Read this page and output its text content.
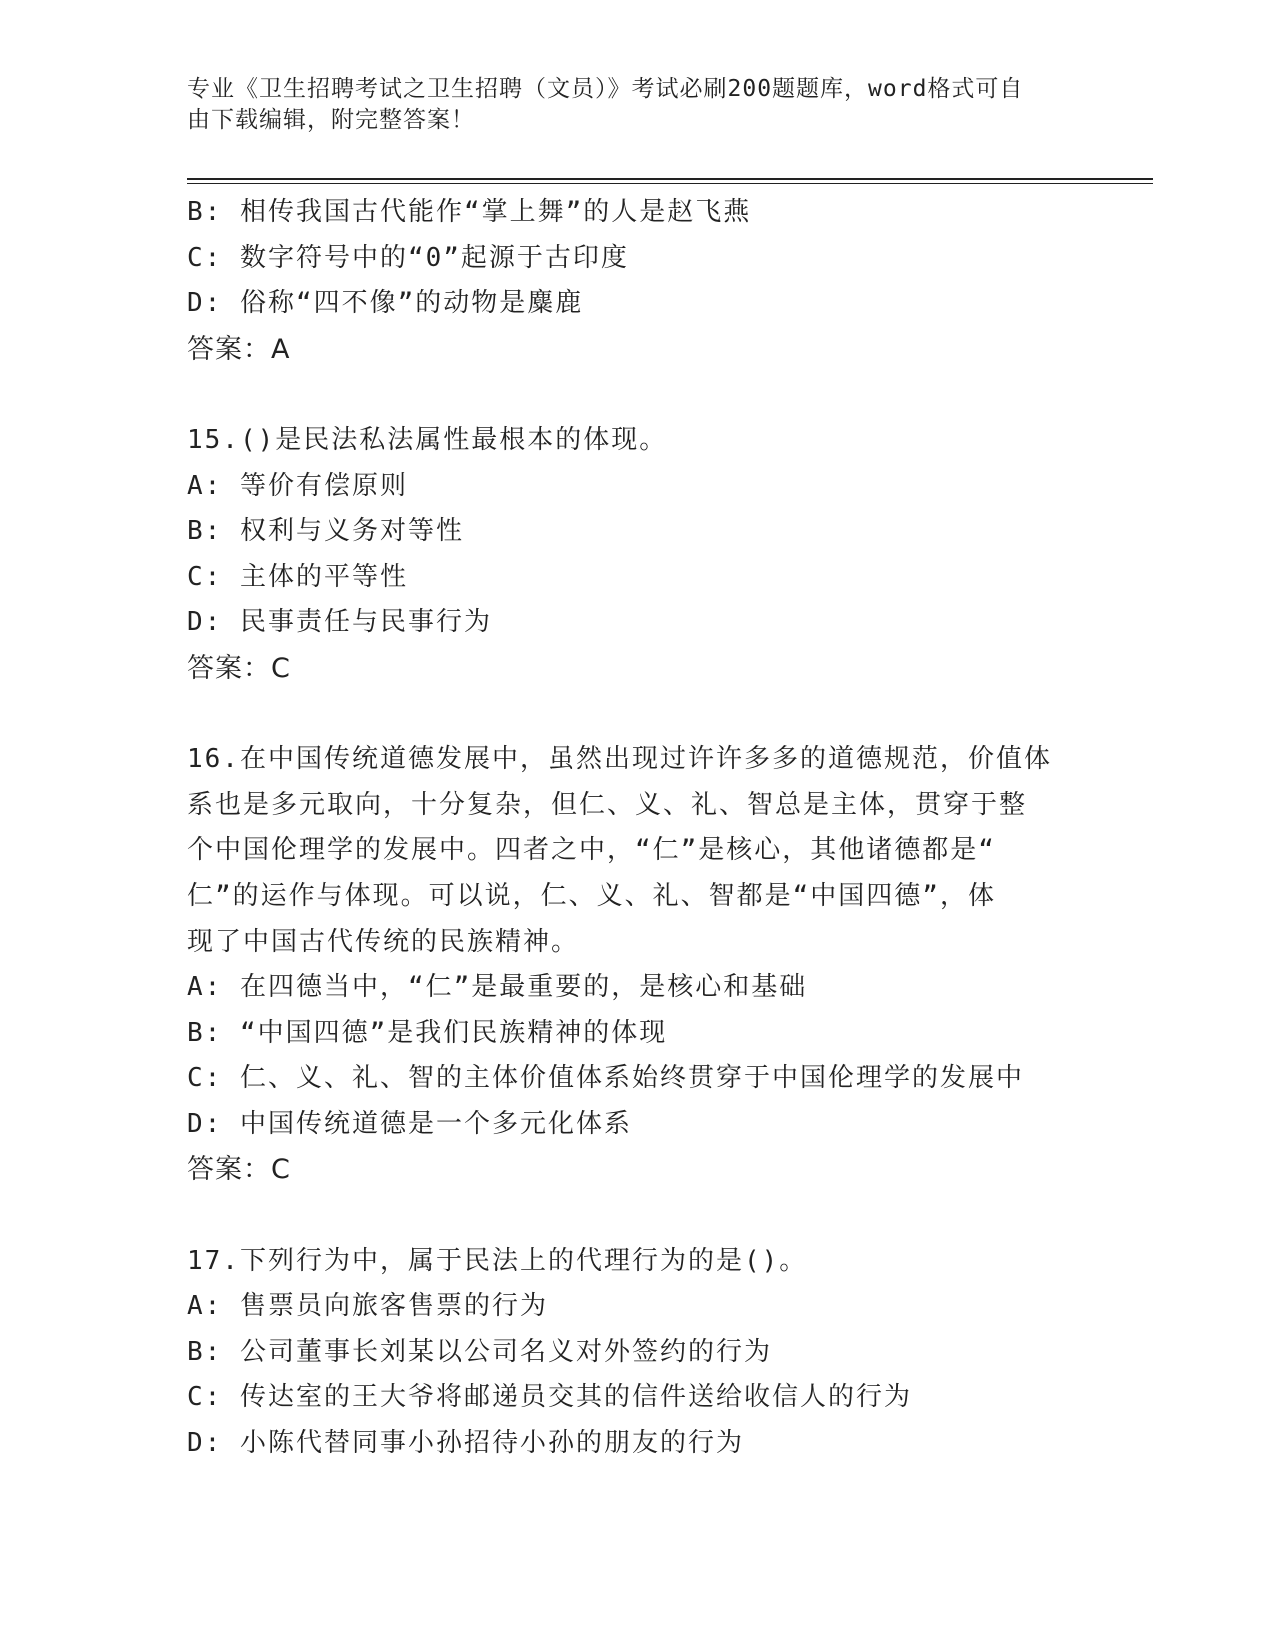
专业《卫生招聘考试之卫生招聘（文员）》考试必刷200题题库，word格式可自
由下载编辑，附完整答案！
B: 相传我国古代能作“掌上舞”的人是赵飞燕
C: 数字符号中的“0”起源于古印度
D: 俗称“四不像”的动物是麋鹿
答案：A
15.()是民法私法属性最根本的体现。
A: 等价有偿原则
B: 权利与义务对等性
C: 主体的平等性
D: 民事责任与民事行为
答案：C
16.在中国传统道德发展中，虽然出现过许许多多的道德规范，价值体
系也是多元取向，十分复杂，但仁、义、礼、智总是主体，贯穿于整
个中国伦理学的发展中。四者之中，“仁”是核心，其他诸德都是“
仁”的运作与体现。可以说，仁、义、礼、智都是“中国四德”，体
现了中国古代传统的民族精神。
A: 在四德当中，“仁”是最重要的，是核心和基础
B: “中国四德”是我们民族精神的体现
C: 仁、义、礼、智的主体价值体系始终贯穿于中国伦理学的发展中
D: 中国传统道德是一个多元化体系
答案：C
17.下列行为中，属于民法上的代理行为的是()。
A: 售票员向旅客售票的行为
B: 公司董事长刘某以公司名义对外签约的行为
C: 传达室的王大爷将邮递员交其的信件送给收信人的行为
D: 小陈代替同事小孙招待小孙的朋友的行为
